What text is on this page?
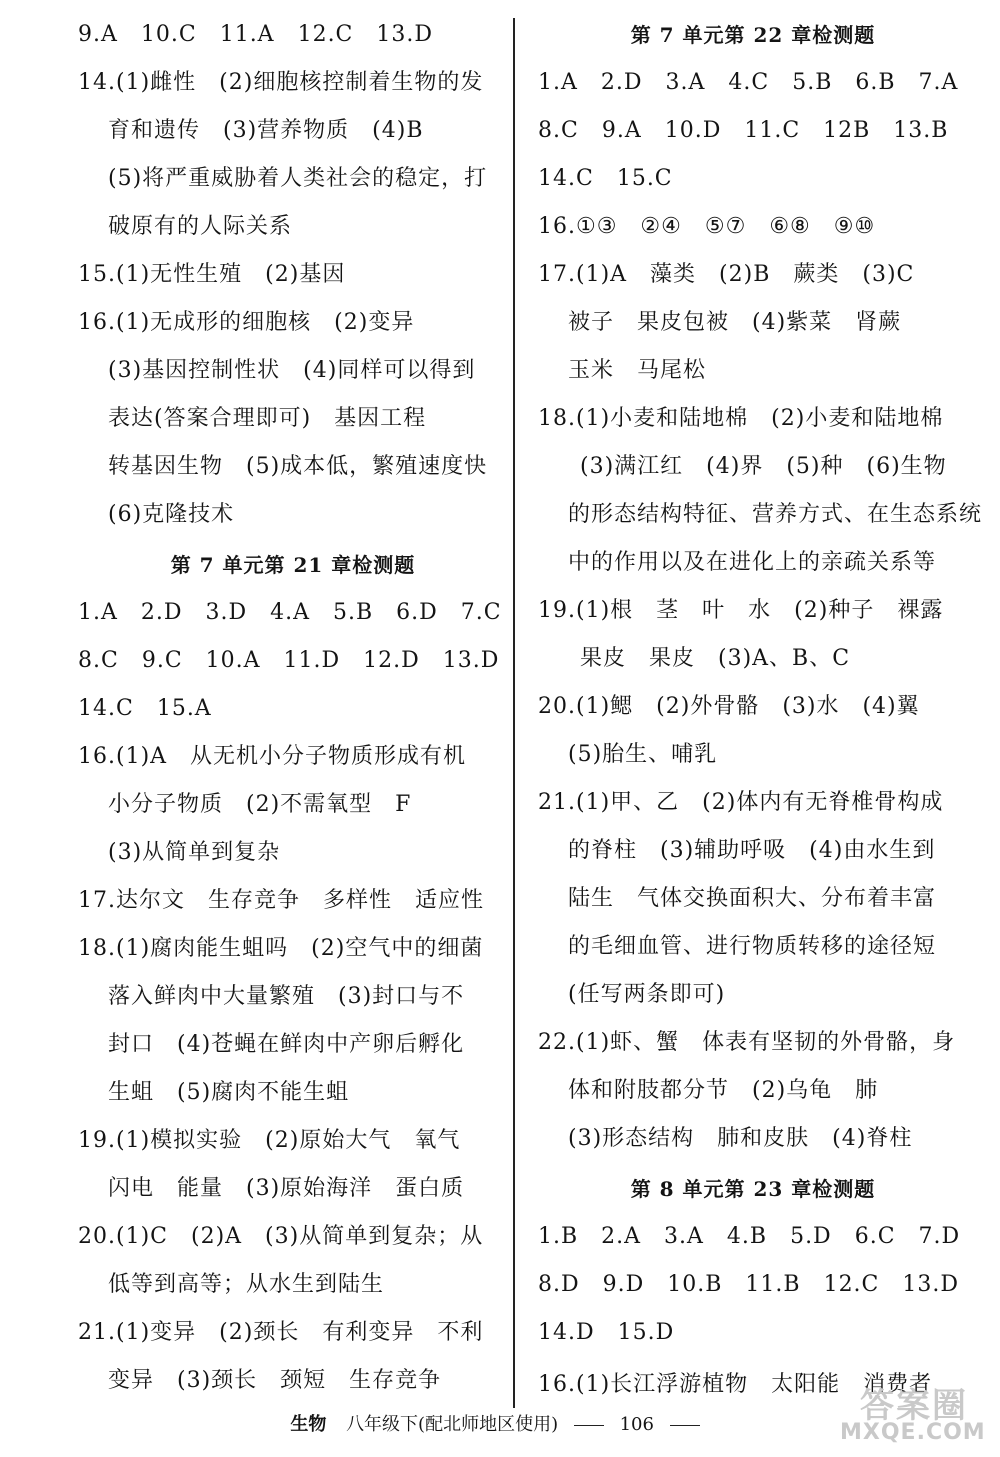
9.A　10.C　11.A　12.C　13.D
14.(1)雌性　(2)细胞核控制着生物的发
育和遗传　(3)营养物质　(4)B
(5)将严重威胁着人类社会的稳定，打
破原有的人际关系
15.(1)无性生殖　(2)基因
16.(1)无成形的细胞核　(2)变异
(3)基因控制性状　(4)同样可以得到
表达(答案合理即可)　基因工程
转基因生物　(5)成本低，繁殖速度快
(6)克隆技术
第 7 单元第 21 章检测题
1.A　2.D　3.D　4.A　5.B　6.D　7.C
8.C　9.C　10.A　11.D　12.D　13.D
14.C　15.A
16.(1)A　从无机小分子物质形成有机
小分子物质　(2)不需氧型　F
(3)从简单到复杂
17.达尔文　生存竞争　多样性　适应性
18.(1)腐肉能生蛆吗　(2)空气中的细菌
落入鲜肉中大量繁殖　(3)封口与不
封口　(4)苍蝇在鲜肉中产卵后孵化
生蛆　(5)腐肉不能生蛆
19.(1)模拟实验　(2)原始大气　氧气
闪电　能量　(3)原始海洋　蛋白质
20.(1)C　(2)A　(3)从简单到复杂；从
低等到高等；从水生到陆生
21.(1)变异　(2)颈长　有利变异　不利
变异　(3)颈长　颈短　生存竞争
第 7 单元第 22 章检测题
1.A　2.D　3.A　4.C　5.B　6.B　7.A
8.C　9.A　10.D　11.C　12B　13.B
14.C　15.C
16.①③　②④　⑤⑦　⑥⑧　⑨⑩
17.(1)A　藻类　(2)B　蕨类　(3)C
被子　果皮包被　(4)紫菜　肾蕨
玉米　马尾松
18.(1)小麦和陆地棉　(2)小麦和陆地棉
(3)满江红　(4)界　(5)种　(6)生物
的形态结构特征、营养方式、在生态系统
中的作用以及在进化上的亲疏关系等
19.(1)根　茎　叶　水　(2)种子　裸露
果皮　果皮　(3)A、B、C
20.(1)鳃　(2)外骨骼　(3)水　(4)翼
(5)胎生、哺乳
21.(1)甲、乙　(2)体内有无脊椎骨构成
的脊柱　(3)辅助呼吸　(4)由水生到
陆生　气体交换面积大、分布着丰富
的毛细血管、进行物质转移的途径短
(任写两条即可)
22.(1)虾、蟹　体表有坚韧的外骨骼，身
体和附肢都分节　(2)乌龟　肺
(3)形态结构　肺和皮肤　(4)脊柱
第 8 单元第 23 章检测题
1.B　2.A　3.A　4.B　5.D　6.C　7.D
8.D　9.D　10.B　11.B　12.C　13.D
14.D　15.D
16.(1)长江浮游植物　太阳能　消费者
生物 八年级下(配北师地区使用)	106	答案圈
MXQE.COM
